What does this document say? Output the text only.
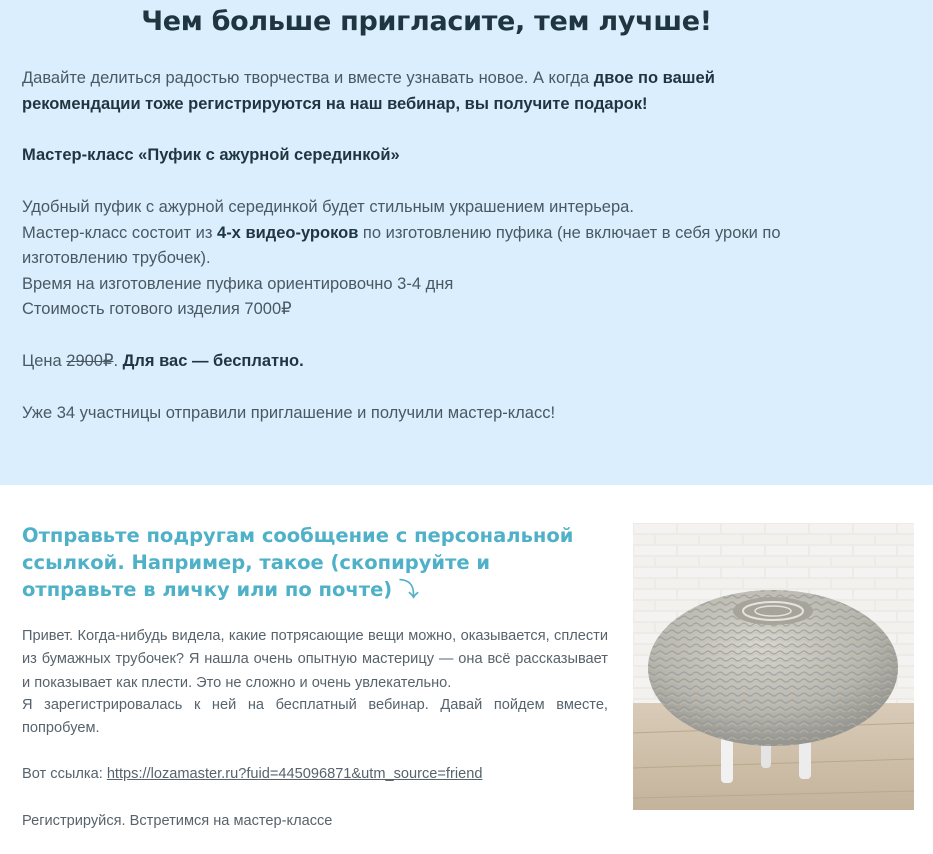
Чем больше пригласите, тем лучше!

Давайте делиться радостью творчества и вместе узнавать новое. А когда двое по вашей рекомендации тоже регистрируются на наш вебинар, вы получите подарок!

Мастер-класс «Пуфик с ажурной серединкой»

Удобный пуфик с ажурной серединкой будет стильным украшением интерьера.
Мастер-класс состоит из 4-х видео-уроков по изготовлению пуфика (не включает в себя уроки по изготовлению трубочек).
Время на изготовление пуфика ориентировочно 3-4 дня
Стоимость готового изделия 7000₽

Цена 2900₽. Для вас — бесплатно.

Уже 34 участницы отправили приглашение и получили мастер-класс!

Отправьте подругам сообщение с персональной ссылкой. Например, такое (скопируйте и отправьте в личку или по почте) ⤵

Привет. Когда-нибудь видела, какие потрясающие вещи можно, оказывается, сплести из бумажных трубочек? Я нашла очень опытную мастерицу — она всё рассказывает и показывает как плести. Это не сложно и очень увлекательно.

Я зарегистрировалась к ней на бесплатный вебинар. Давай пойдем вместе, попробуем.

Вот ссылка: https://lozamaster.ru?fuid=445096871&utm_source=friend

Регистрируйся. Встретимся на мастер-классе
